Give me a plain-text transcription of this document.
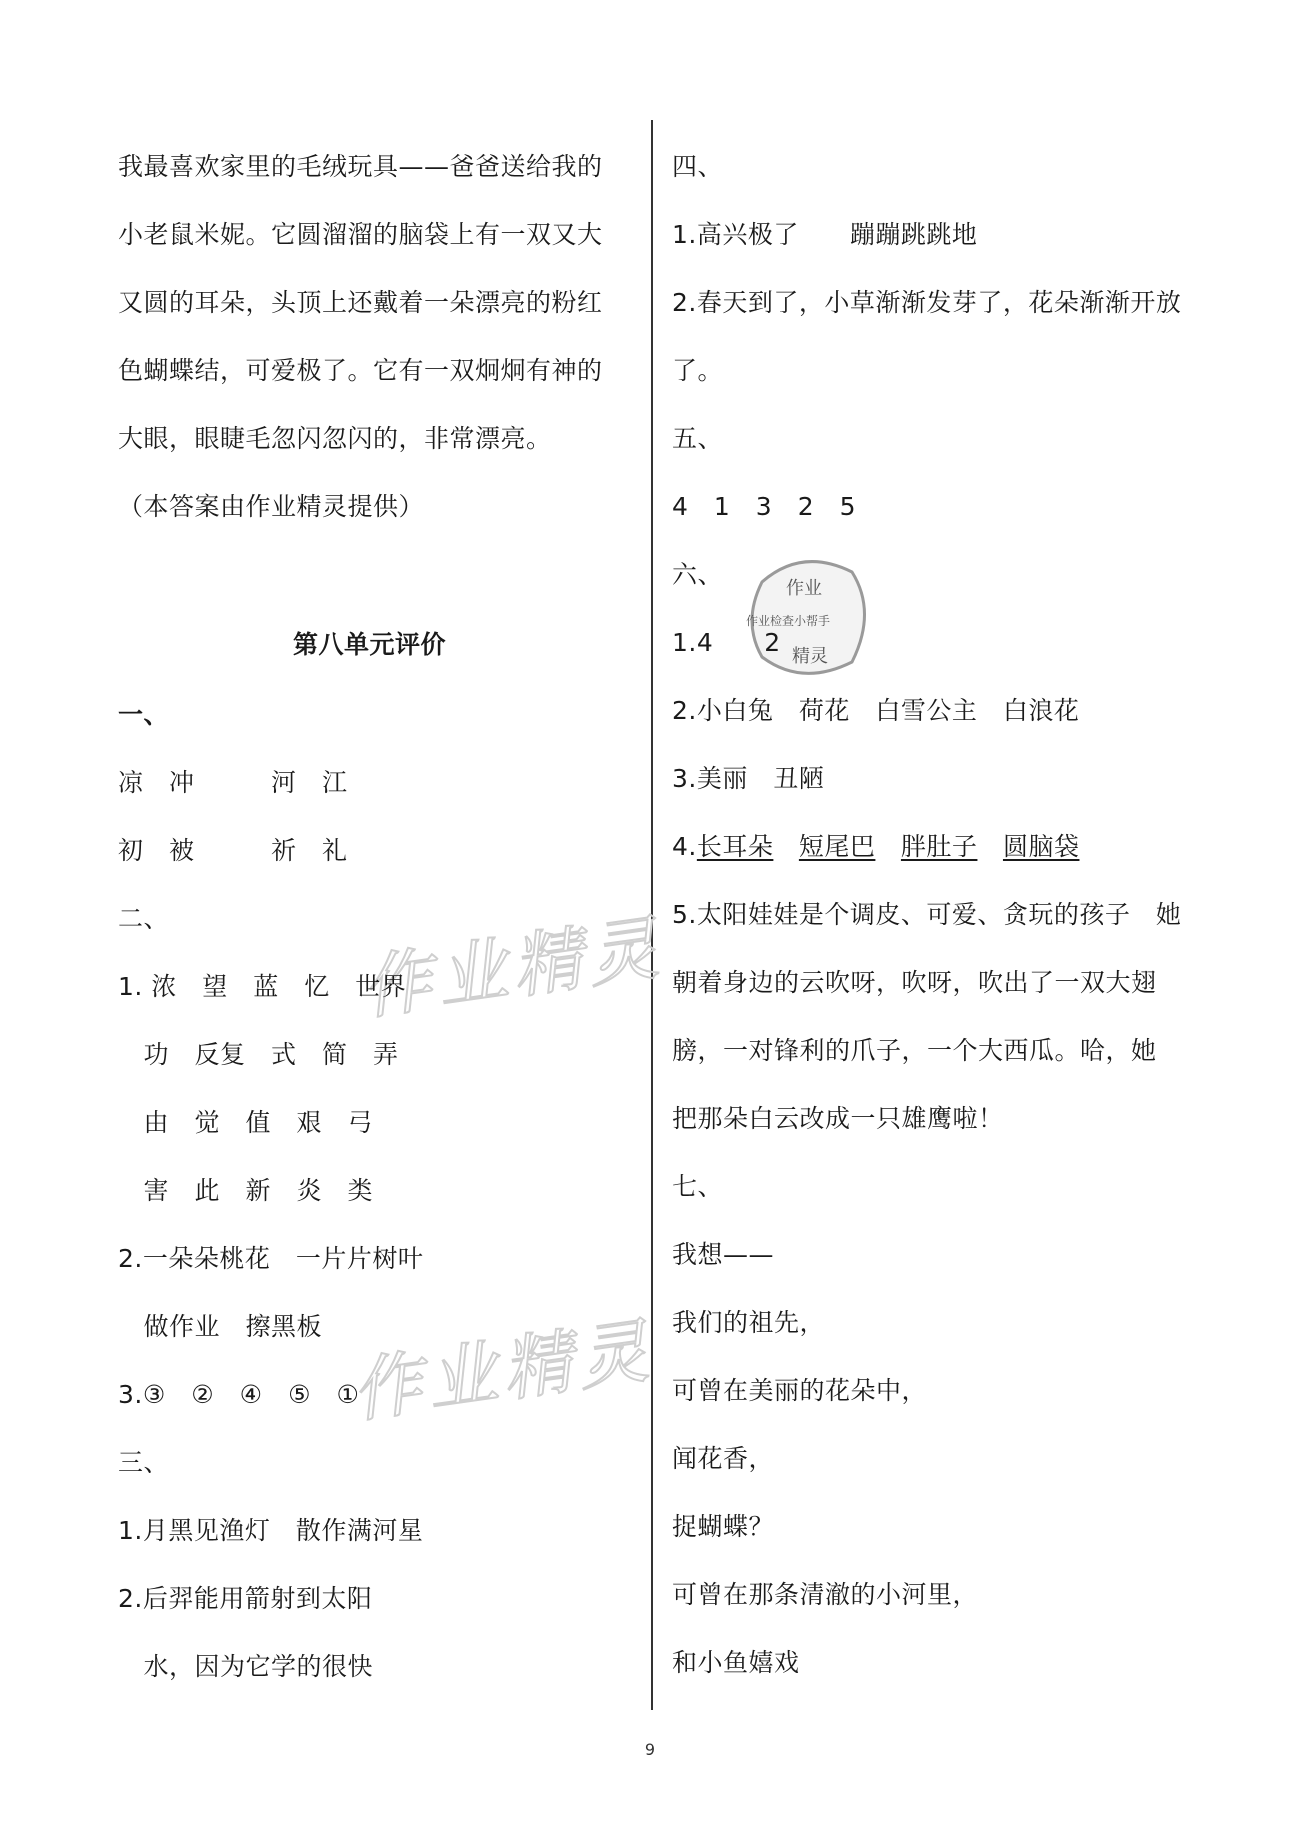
作业精灵
作业精灵
作业
作业检查小帮手
精灵
我最喜欢家里的毛绒玩具——爸爸送给我的
小老鼠米妮。它圆溜溜的脑袋上有一双又大
又圆的耳朵，头顶上还戴着一朵漂亮的粉红
色蝴蝶结，可爱极了。它有一双炯炯有神的
大眼，眼睫毛忽闪忽闪的，非常漂亮。
（本答案由作业精灵提供）
第八单元评价
一、
凉　冲　　　河　江
初　被　　　祈　礼
二、
1. 浓　望　蓝　忆　世界
　功　反复　式　简　弄
　由　觉　值　艰　弓
　害　此　新　炎　类
2.一朵朵桃花　一片片树叶
　做作业　擦黑板
3.③　②　④　⑤　①
三、
1.月黑见渔灯　散作满河星
2.后羿能用箭射到太阳
　水，因为它学的很快
四、
1.高兴极了　　蹦蹦跳跳地
2.春天到了，小草渐渐发芽了，花朵渐渐开放
了。
五、
4　1　3　2　5
六、
1.4　　2
2.小白兔　荷花　白雪公主　白浪花
3.美丽　丑陋
4.长耳朵　 短尾巴　 胖肚子　 圆脑袋
5.太阳娃娃是个调皮、可爱、贪玩的孩子　她
朝着身边的云吹呀，吹呀，吹出了一双大翅
膀，一对锋利的爪子，一个大西瓜。哈，她
把那朵白云改成一只雄鹰啦！
七、
我想——
我们的祖先，
可曾在美丽的花朵中，
闻花香，
捉蝴蝶？
可曾在那条清澈的小河里，
和小鱼嬉戏
9
